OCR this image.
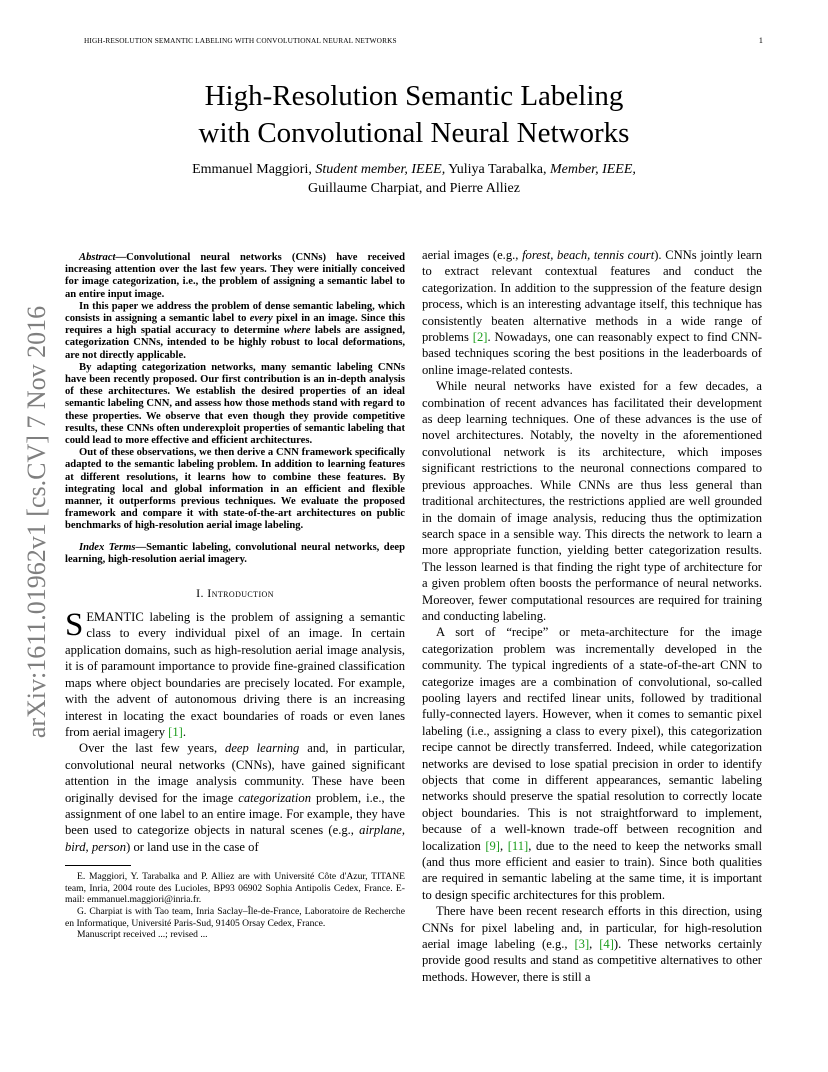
HIGH-RESOLUTION SEMANTIC LABELING WITH CONVOLUTIONAL NEURAL NETWORKS	1
High-Resolution Semantic Labeling
with Convolutional Neural Networks
Emmanuel Maggiori, Student member, IEEE, Yuliya Tarabalka, Member, IEEE,
Guillaume Charpiat, and Pierre Alliez
arXiv:1611.01962v1 [cs.CV] 7 Nov 2016

Abstract—Convolutional neural networks (CNNs) have received increasing attention over the last few years. They were initially conceived for image categorization, i.e., the problem of assigning a semantic label to an entire input image.

In this paper we address the problem of dense semantic labeling, which consists in assigning a semantic label to every pixel in an image. Since this requires a high spatial accuracy to determine where labels are assigned, categorization CNNs, intended to be highly robust to local deformations, are not directly applicable.

By adapting categorization networks, many semantic labeling CNNs have been recently proposed. Our first contribution is an in-depth analysis of these architectures. We establish the desired properties of an ideal semantic labeling CNN, and assess how those methods stand with regard to these properties. We observe that even though they provide competitive results, these CNNs often underexploit properties of semantic labeling that could lead to more effective and efficient architectures.

Out of these observations, we then derive a CNN framework specifically adapted to the semantic labeling problem. In addition to learning features at different resolutions, it learns how to combine these features. By integrating local and global information in an efficient and flexible manner, it outperforms previous techniques. We evaluate the proposed framework and compare it with state-of-the-art architectures on public benchmarks of high-resolution aerial image labeling.

Index Terms—Semantic labeling, convolutional neural networks, deep learning, high-resolution aerial imagery.

I. Introduction

SEMANTIC labeling is the problem of assigning a semantic class to every individual pixel of an image. In certain application domains, such as high-resolution aerial image analysis, it is of paramount importance to provide fine-grained classification maps where object boundaries are precisely located. For example, with the advent of autonomous driving there is an increasing interest in locating the exact boundaries of roads or even lanes from aerial imagery [1].

Over the last few years, deep learning and, in particular, convolutional neural networks (CNNs), have gained significant attention in the image analysis community. These have been originally devised for the image categorization problem, i.e., the assignment of one label to an entire image. For example, they have been used to categorize objects in natural scenes (e.g., airplane, bird, person) or land use in the case of

E. Maggiori, Y. Tarabalka and P. Alliez are with Université Côte d'Azur, TITANE team, Inria, 2004 route des Lucioles, BP93 06902 Sophia Antipolis Cedex, France. E-mail: emmanuel.maggiori@inria.fr.

G. Charpiat is with Tao team, Inria Saclay–Île-de-France, Laboratoire de Recherche en Informatique, Université Paris-Sud, 91405 Orsay Cedex, France.

Manuscript received ...; revised ...

aerial images (e.g., forest, beach, tennis court). CNNs jointly learn to extract relevant contextual features and conduct the categorization. In addition to the suppression of the feature design process, which is an interesting advantage itself, this technique has consistently beaten alternative methods in a wide range of problems [2]. Nowadays, one can reasonably expect to find CNN-based techniques scoring the best positions in the leaderboards of online image-related contests.

While neural networks have existed for a few decades, a combination of recent advances has facilitated their development as deep learning techniques. One of these advances is the use of novel architectures. Notably, the novelty in the aforementioned convolutional network is its architecture, which imposes significant restrictions to the neuronal connections compared to previous approaches. While CNNs are thus less general than traditional architectures, the restrictions applied are well grounded in the domain of image analysis, reducing thus the optimization search space in a sensible way. This directs the network to learn a more appropriate function, yielding better categorization results. The lesson learned is that finding the right type of architecture for a given problem often boosts the performance of neural networks. Moreover, fewer computational resources are required for training and conducting labeling.

A sort of “recipe” or meta-architecture for the image categorization problem was incrementally developed in the community. The typical ingredients of a state-of-the-art CNN to categorize images are a combination of convolutional, so-called pooling layers and rectifed linear units, followed by traditional fully-connected layers. However, when it comes to semantic pixel labeling (i.e., assigning a class to every pixel), this categorization recipe cannot be directly transferred. Indeed, while categorization networks are devised to lose spatial precision in order to identify objects that come in different appearances, semantic labeling networks should preserve the spatial resolution to correctly locate object boundaries. This is not straightforward to implement, because of a well-known trade-off between recognition and localization [9], [11], due to the need to keep the networks small (and thus more efficient and easier to train). Since both qualities are required in semantic labeling at the same time, it is important to design specific architectures for this problem.

There have been recent research efforts in this direction, using CNNs for pixel labeling and, in particular, for high-resolution aerial image labeling (e.g., [3], [4]). These networks certainly provide good results and stand as competitive alternatives to other methods. However, there is still a
